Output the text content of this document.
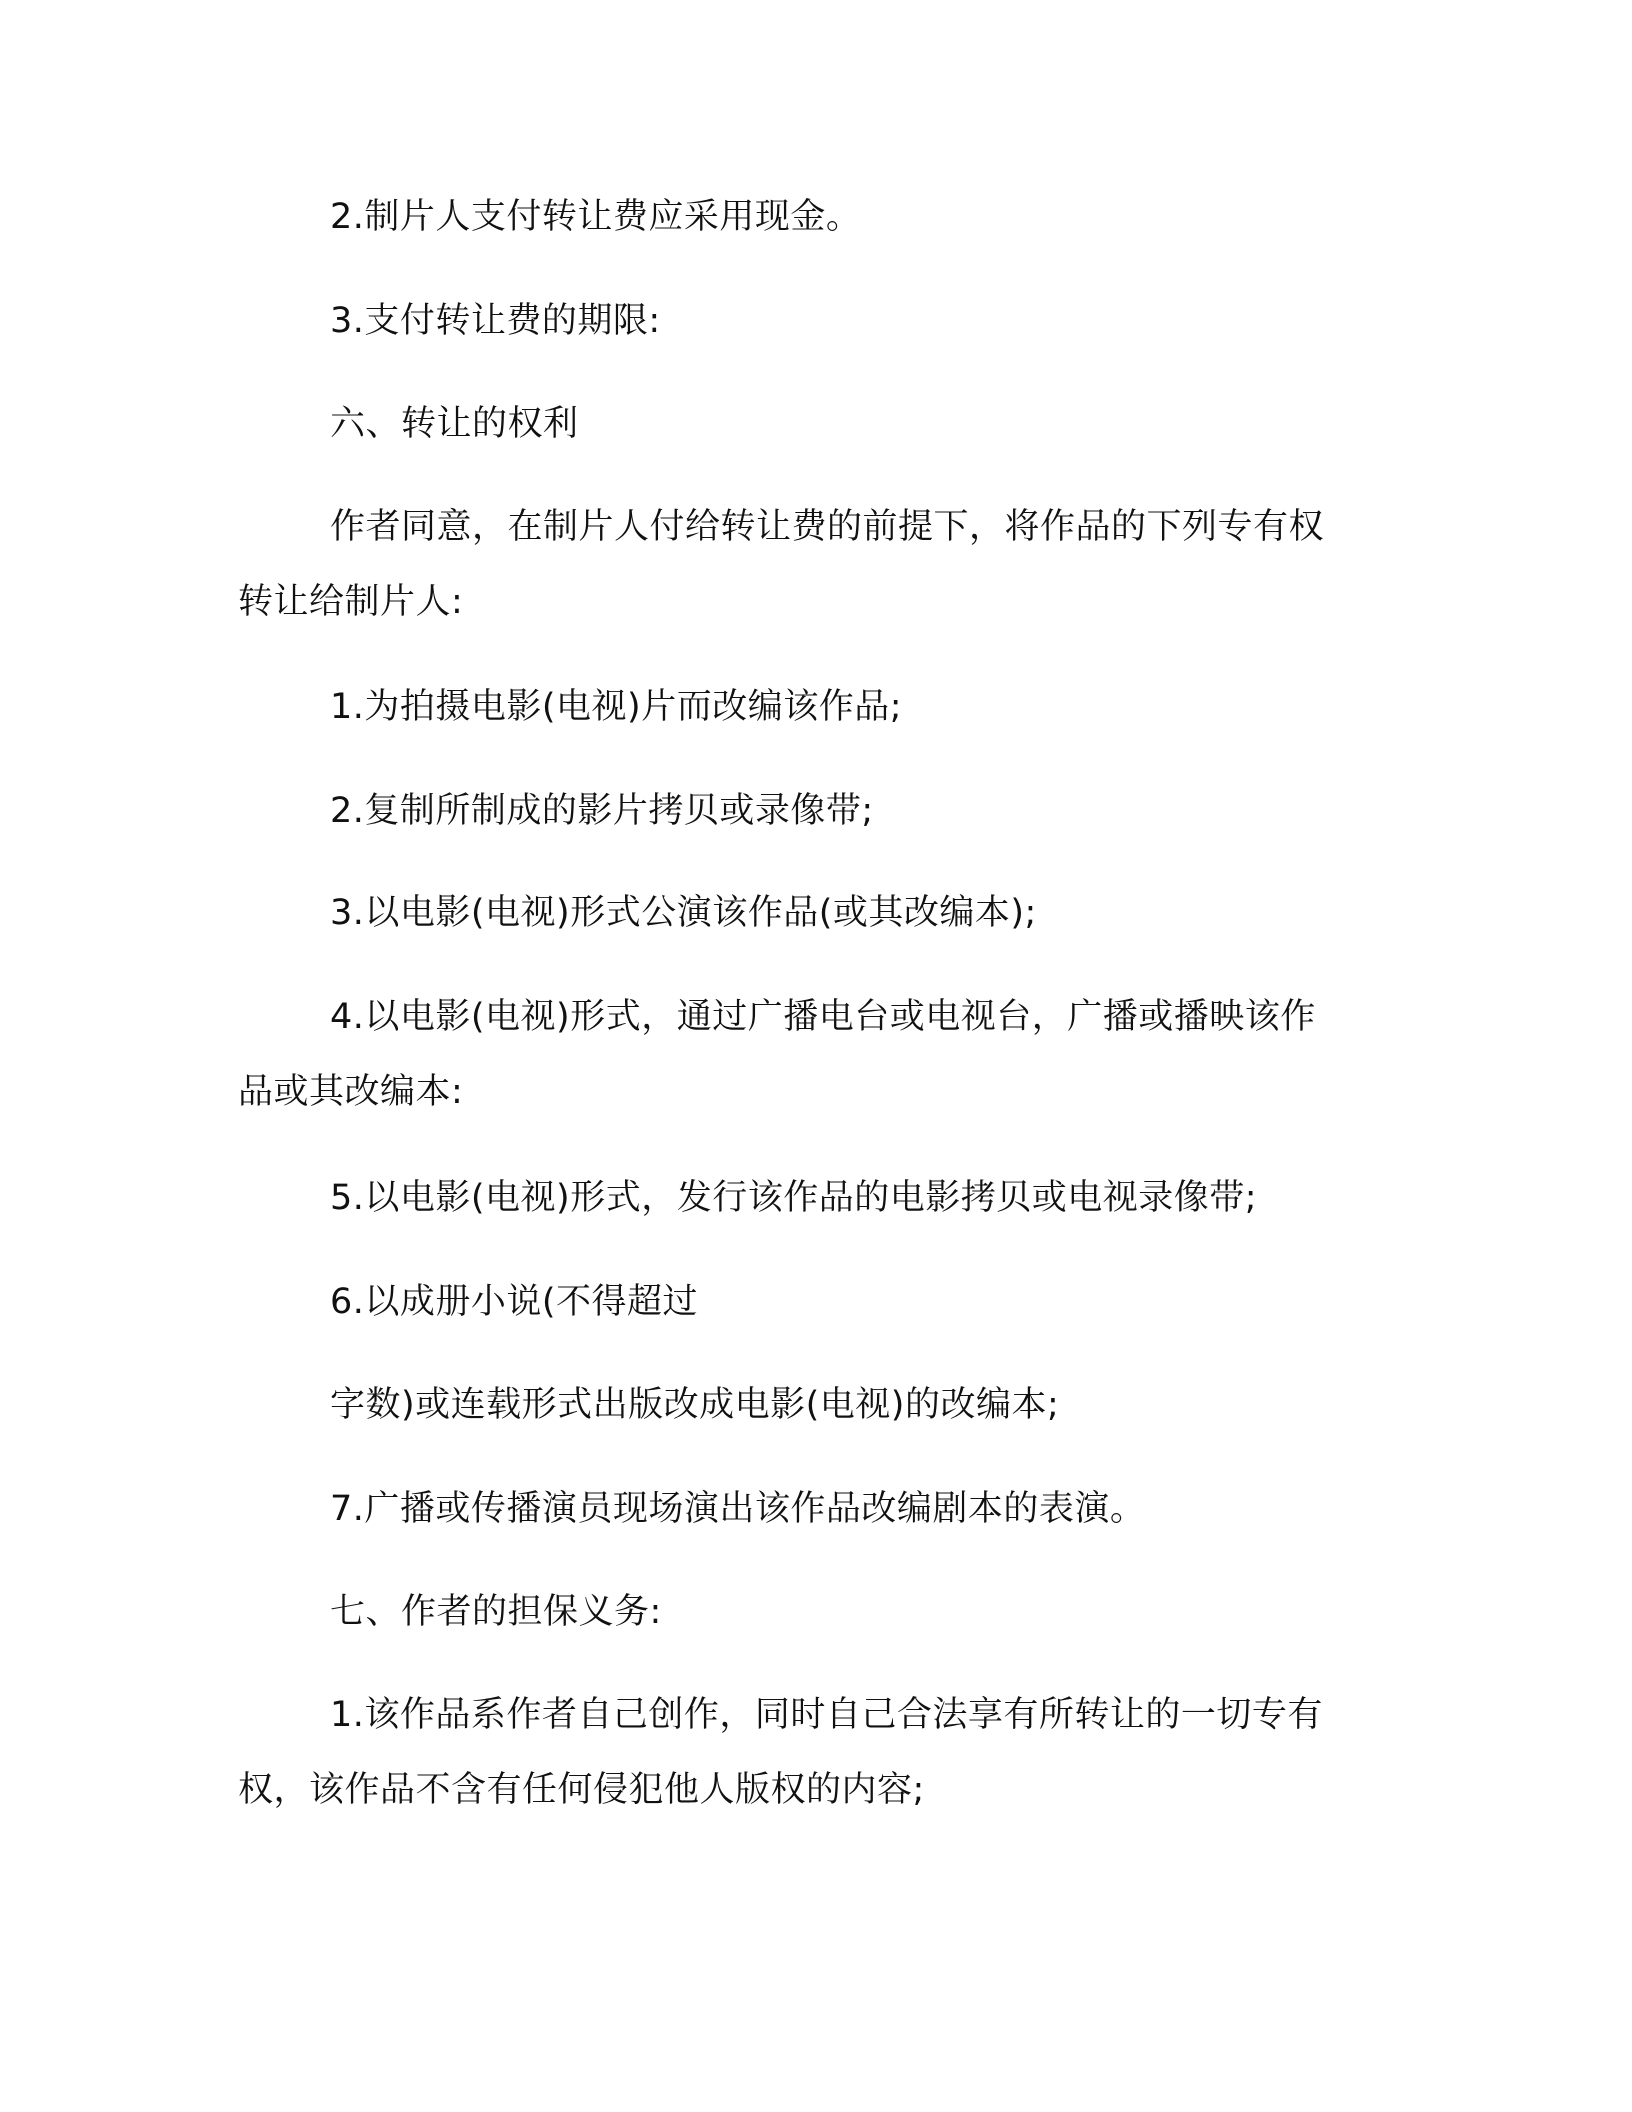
2.制片人支付转让费应采用现金。
3.支付转让费的期限:
六、转让的权利
作者同意，在制片人付给转让费的前提下，将作品的下列专有权
转让给制片人:
1.为拍摄电影(电视)片而改编该作品;
2.复制所制成的影片拷贝或录像带;
3.以电影(电视)形式公演该作品(或其改编本);
4.以电影(电视)形式，通过广播电台或电视台，广播或播映该作
品或其改编本:
5.以电影(电视)形式，发行该作品的电影拷贝或电视录像带;
6.以成册小说(不得超过
字数)或连载形式出版改成电影(电视)的改编本;
7.广播或传播演员现场演出该作品改编剧本的表演。
七、作者的担保义务:
1.该作品系作者自己创作，同时自己合法享有所转让的一切专有
权，该作品不含有任何侵犯他人版权的内容;
